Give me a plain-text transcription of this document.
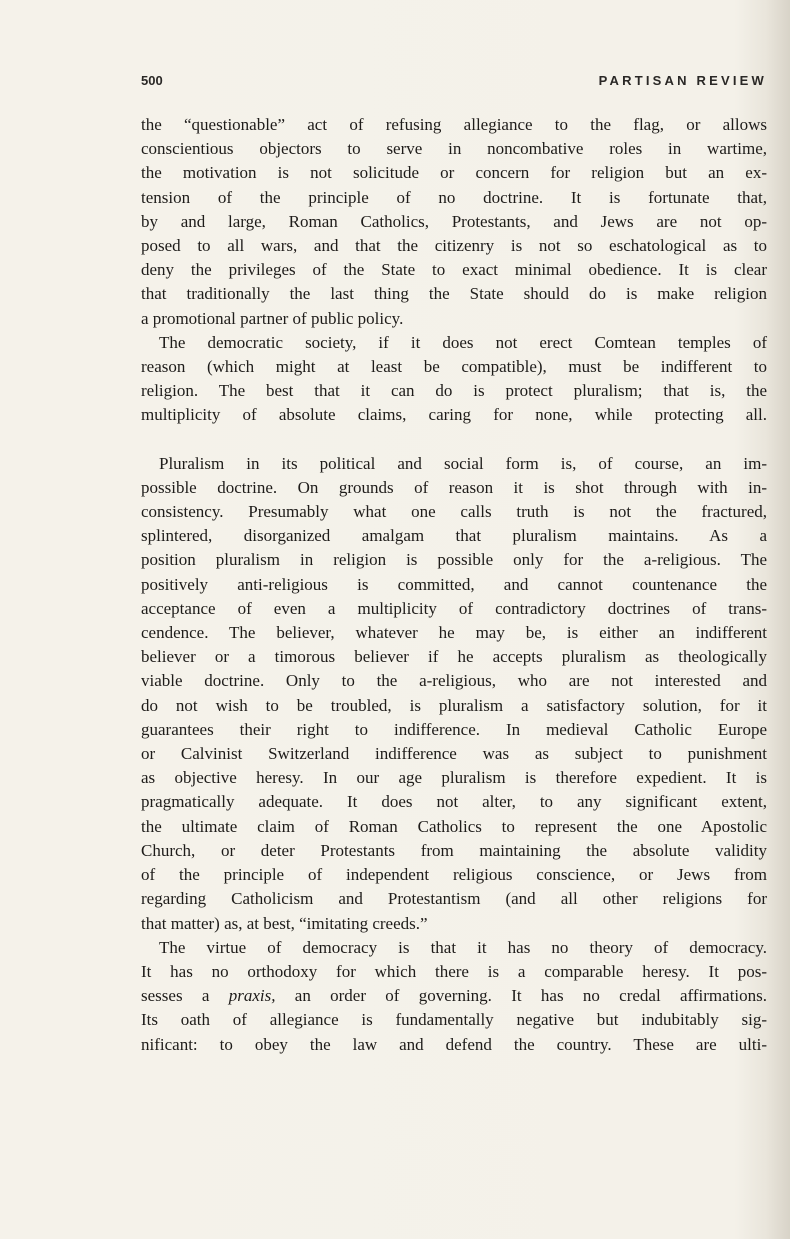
500	PARTISAN REVIEW
the “questionable” act of refusing allegiance to the flag, or allows
conscientious objectors to serve in noncombative roles in wartime,
the motivation is not solicitude or concern for religion but an ex-
tension of the principle of no doctrine. It is fortunate that,
by and large, Roman Catholics, Protestants, and Jews are not op-
posed to all wars, and that the citizenry is not so eschatological as to
deny the privileges of the State to exact minimal obedience. It is clear
that traditionally the last thing the State should do is make religion
a promotional partner of public policy.
The democratic society, if it does not erect Comtean temples of
reason (which might at least be compatible), must be indifferent to
religion. The best that it can do is protect pluralism; that is, the
multiplicity of absolute claims, caring for none, while protecting all.
Pluralism in its political and social form is, of course, an im-
possible doctrine. On grounds of reason it is shot through with in-
consistency. Presumably what one calls truth is not the fractured,
splintered, disorganized amalgam that pluralism maintains. As a
position pluralism in religion is possible only for the a-religious. The
positively anti-religious is committed, and cannot countenance the
acceptance of even a multiplicity of contradictory doctrines of trans-
cendence. The believer, whatever he may be, is either an indifferent
believer or a timorous believer if he accepts pluralism as theologically
viable doctrine. Only to the a-religious, who are not interested and
do not wish to be troubled, is pluralism a satisfactory solution, for it
guarantees their right to indifference. In medieval Catholic Europe
or Calvinist Switzerland indifference was as subject to punishment
as objective heresy. In our age pluralism is therefore expedient. It is
pragmatically adequate. It does not alter, to any significant extent,
the ultimate claim of Roman Catholics to represent the one Apostolic
Church, or deter Protestants from maintaining the absolute validity
of the principle of independent religious conscience, or Jews from
regarding Catholicism and Protestantism (and all other religions for
that matter) as, at best, “imitating creeds.”
The virtue of democracy is that it has no theory of democracy.
It has no orthodoxy for which there is a comparable heresy. It pos-
sesses a praxis, an order of governing. It has no credal affirmations.
Its oath of allegiance is fundamentally negative but indubitably sig-
nificant: to obey the law and defend the country. These are ulti-
